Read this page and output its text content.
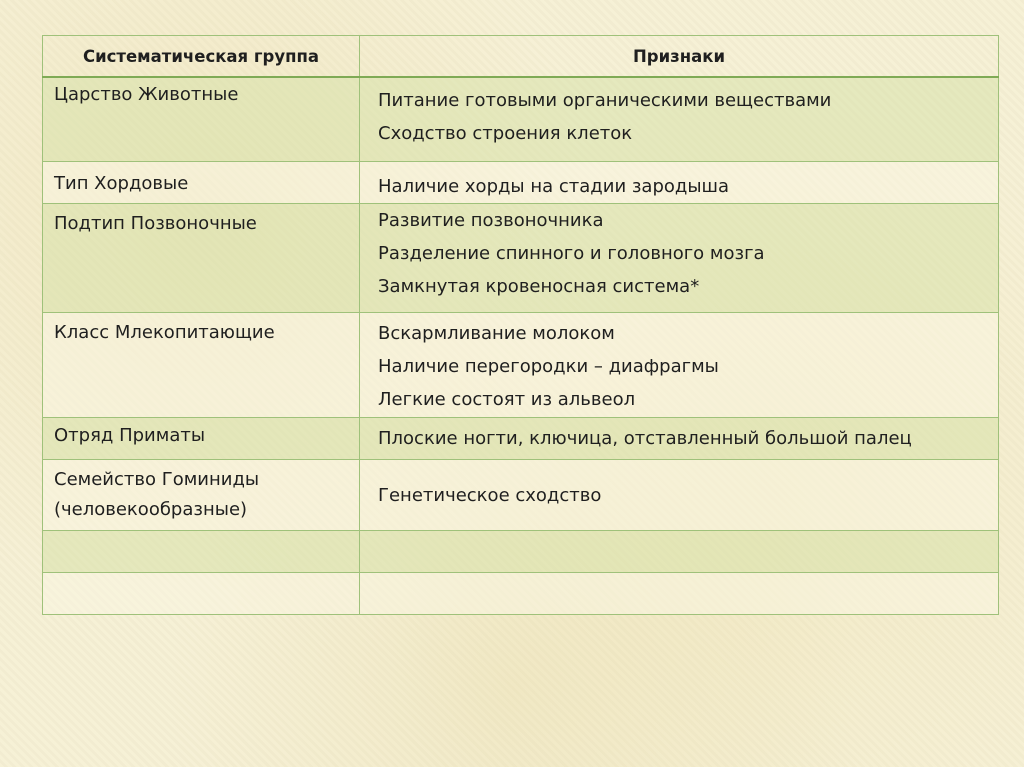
Систематическая группа	Признаки

Царство Животные	Питание готовыми органическими веществами
Сходство строения клеток

Тип Хордовые	Наличие хорды на стадии зародыша

Подтип Позвоночные	Развитие позвоночника
Разделение спинного и головного мозга
Замкнутая кровеносная система*

Класс Млекопитающие	Вскармливание молоком
Наличие перегородки – диафрагмы
Легкие состоят из альвеол

Отряд Приматы	Плоские ногти, ключица, отставленный большой палец

Семейство Гоминиды
(человекообразные)	Генетическое сходство
